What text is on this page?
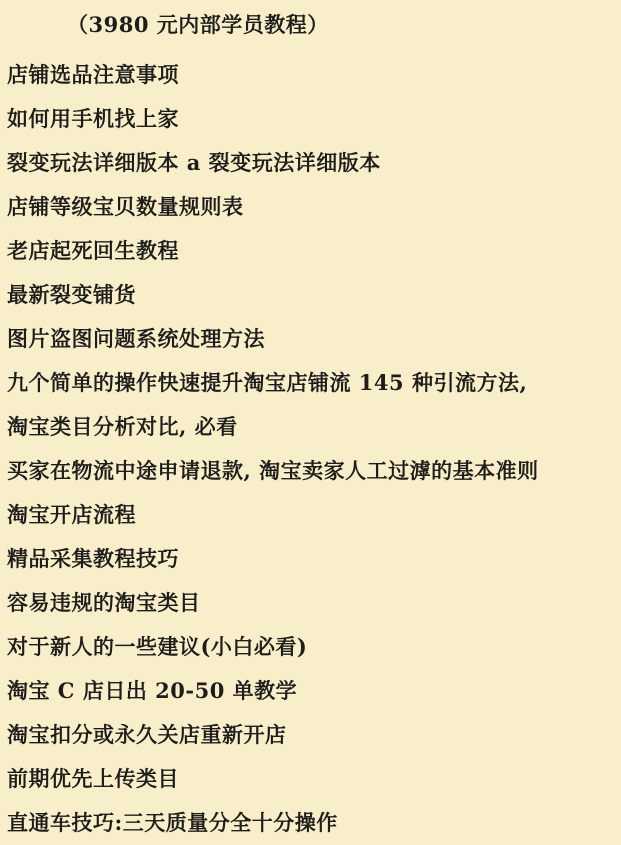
（3980 元内部学员教程）
店铺选品注意事项
如何用手机找上家
裂变玩法详细版本 a 裂变玩法详细版本
店铺等级宝贝数量规则表
老店起死回生教程
最新裂变铺货
图片盗图问题系统处理方法
九个简单的操作快速提升淘宝店铺流 145 种引流方法,
淘宝类目分析对比, 必看
买家在物流中途申请退款, 淘宝卖家人工过滹的基本准则
淘宝开店流程
精品采集教程技巧
容易违规的淘宝类目
对于新人的一些建议(小白必看)
淘宝 C 店日出 20-50 单教学
淘宝扣分或永久关店重新开店
前期优先上传类目
直通车技巧:三天质量分全十分操作
